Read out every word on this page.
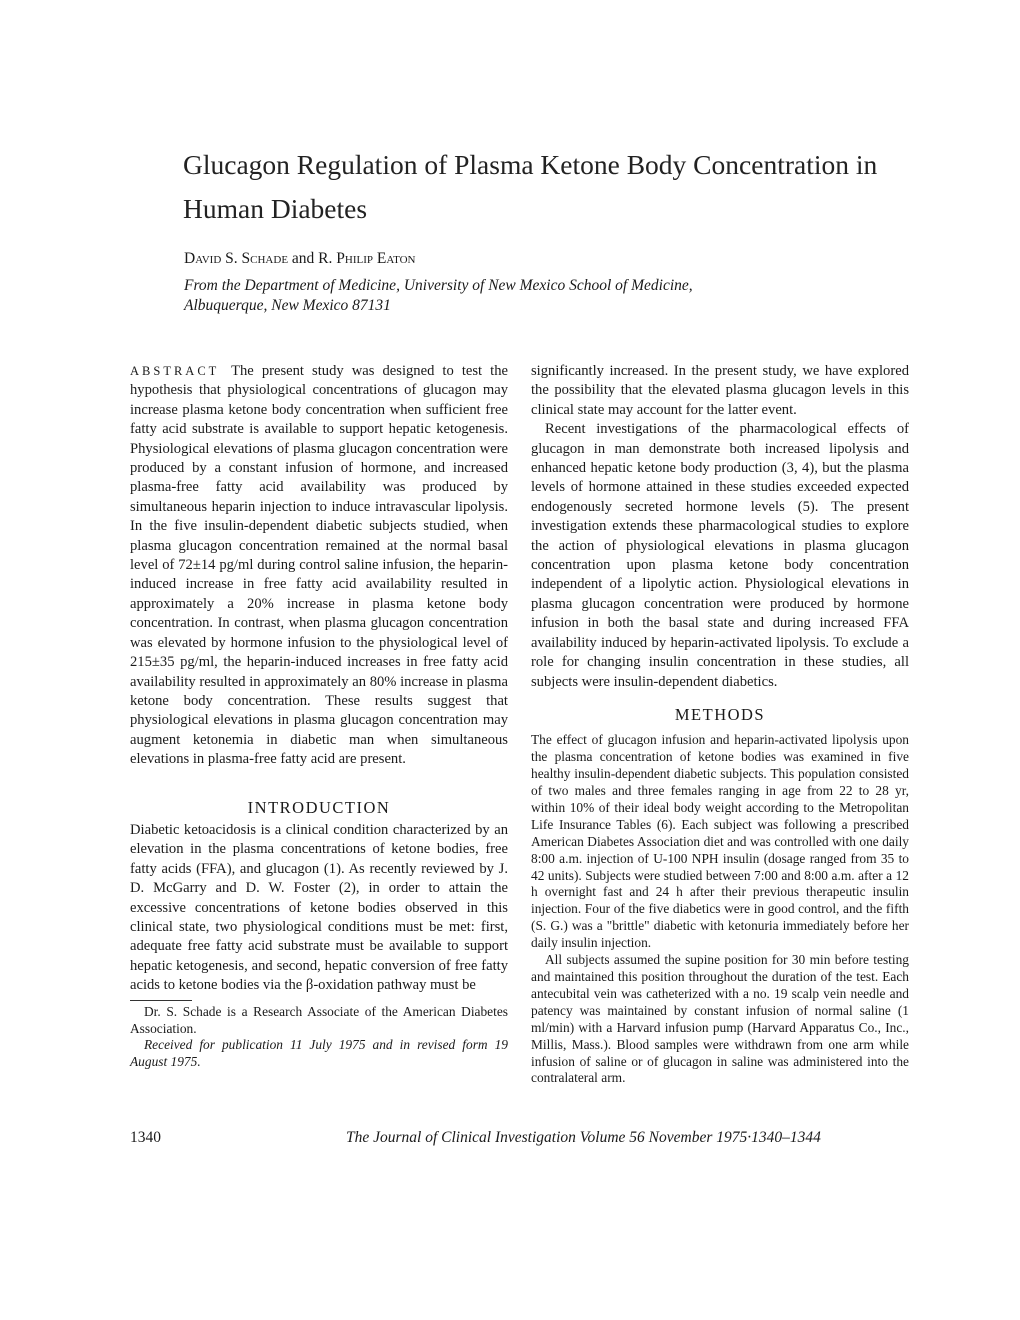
Glucagon Regulation of Plasma Ketone Body Concentration in Human Diabetes
David S. Schade and R. Philip Eaton
From the Department of Medicine, University of New Mexico School of Medicine, Albuquerque, New Mexico 87131

ABSTRACT The present study was designed to test the hypothesis that physiological concentrations of glucagon may increase plasma ketone body concentration when sufficient free fatty acid substrate is available to support hepatic ketogenesis. Physiological elevations of plasma glucagon concentration were produced by a constant infusion of hormone, and increased plasma-free fatty acid availability was produced by simultaneous heparin injection to induce intravascular lipolysis. In the five insulin-dependent diabetic subjects studied, when plasma glucagon concentration remained at the normal basal level of 72±14 pg/ml during control saline infusion, the heparin-induced increase in free fatty acid availability resulted in approximately a 20% increase in plasma ketone body concentration. In contrast, when plasma glucagon concentration was elevated by hormone infusion to the physiological level of 215±35 pg/ml, the heparin-induced increases in free fatty acid availability resulted in approximately an 80% increase in plasma ketone body concentration. These results suggest that physiological elevations in plasma glucagon concentration may augment ketonemia in diabetic man when simultaneous elevations in plasma-free fatty acid are present.

INTRODUCTION

Diabetic ketoacidosis is a clinical condition characterized by an elevation in the plasma concentrations of ketone bodies, free fatty acids (FFA), and glucagon (1). As recently reviewed by J. D. McGarry and D. W. Foster (2), in order to attain the excessive concentrations of ketone bodies observed in this clinical state, two physiological conditions must be met: first, adequate free fatty acid substrate must be available to support hepatic ketogenesis, and second, hepatic conversion of free fatty acids to ketone bodies via the β-oxidation pathway must be

Dr. S. Schade is a Research Associate of the American Diabetes Association.

Received for publication 11 July 1975 and in revised form 19 August 1975.

significantly increased. In the present study, we have explored the possibility that the elevated plasma glucagon levels in this clinical state may account for the latter event.

Recent investigations of the pharmacological effects of glucagon in man demonstrate both increased lipolysis and enhanced hepatic ketone body production (3, 4), but the plasma levels of hormone attained in these studies exceeded expected endogenously secreted hormone levels (5). The present investigation extends these pharmacological studies to explore the action of physiological elevations in plasma glucagon concentration upon plasma ketone body concentration independent of a lipolytic action. Physiological elevations in plasma glucagon concentration were produced by hormone infusion in both the basal state and during increased FFA availability induced by heparin-activated lipolysis. To exclude a role for changing insulin concentration in these studies, all subjects were insulin-dependent diabetics.

METHODS

The effect of glucagon infusion and heparin-activated lipolysis upon the plasma concentration of ketone bodies was examined in five healthy insulin-dependent diabetic subjects. This population consisted of two males and three females ranging in age from 22 to 28 yr, within 10% of their ideal body weight according to the Metropolitan Life Insurance Tables (6). Each subject was following a prescribed American Diabetes Association diet and was controlled with one daily 8:00 a.m. injection of U-100 NPH insulin (dosage ranged from 35 to 42 units). Subjects were studied between 7:00 and 8:00 a.m. after a 12 h overnight fast and 24 h after their previous therapeutic insulin injection. Four of the five diabetics were in good control, and the fifth (S. G.) was a "brittle" diabetic with ketonuria immediately before her daily insulin injection.

All subjects assumed the supine position for 30 min before testing and maintained this position throughout the duration of the test. Each antecubital vein was catheterized with a no. 19 scalp vein needle and patency was maintained by constant infusion of normal saline (1 ml/min) with a Harvard infusion pump (Harvard Apparatus Co., Inc., Millis, Mass.). Blood samples were withdrawn from one arm while infusion of saline or of glucagon in saline was administered into the contralateral arm.

1340	The Journal of Clinical Investigation Volume 56 November 1975·1340–1344
